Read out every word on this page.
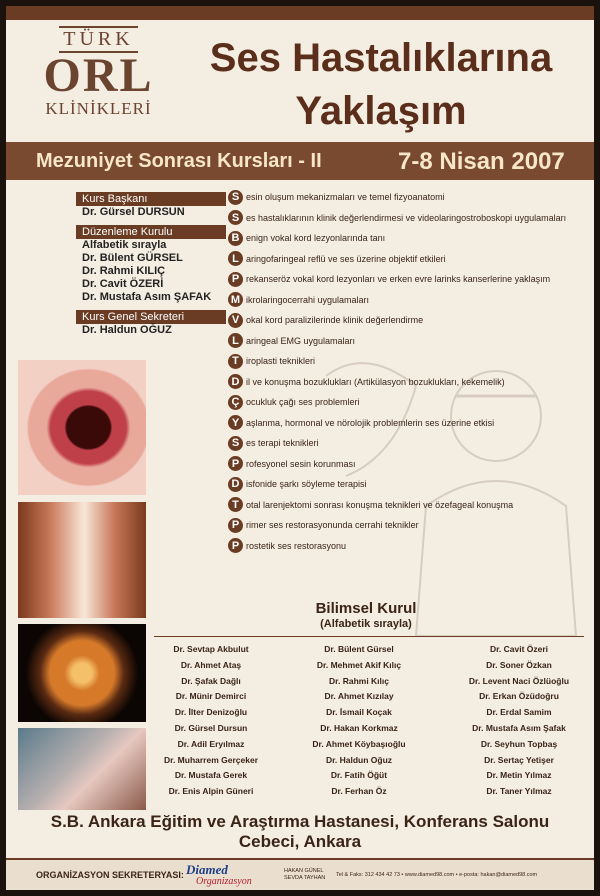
TÜRK
ORL
KLİNİKLERİ
Ses Hastalıklarına
Yaklaşım
Mezuniyet Sonrası Kursları - II	7-8 Nisan 2007
Kurs Başkanı
Dr. Gürsel DURSUN
Düzenleme Kurulu
Alfabetik sırayla
Dr. Bülent GÜRSEL
Dr. Rahmi KILIÇ
Dr. Cavit ÖZERİ
Dr. Mustafa Asım ŞAFAK
Kurs Genel Sekreteri
Dr. Haldun OĞUZ
S esin oluşum mekanizmaları ve temel fizyoanatomi
S es hastalıklarının klinik değerlendirmesi ve videolaringostroboskopi uygulamaları
B enign vokal kord lezyonlarında tanı
L aringofaringeal reflü ve ses üzerine objektif etkileri
P rekanseröz vokal kord lezyonları ve erken evre larinks kanserlerine yaklaşım
M ikrolaringocerrahi uygulamaları
V okal kord paralizilerinde klinik değerlendirme
L aringeal EMG uygulamaları
T iroplasti teknikleri
D il ve konuşma bozuklukları (Artikülasyon bozuklukları, kekemelik)
Ç ocukluk çağı ses problemleri
Y aşlanma, hormonal ve nörolojik problemlerin ses üzerine etkisi
S es terapi teknikleri
P rofesyonel sesin korunması
D isfonide şarkı söyleme terapisi
T otal larenjektomi sonrası konuşma teknikleri ve özefageal konuşma
P rimer ses restorasyonunda cerrahi teknikler
P rostetik ses restorasyonu
Bilimsel Kurul
(Alfabetik sırayla)
Dr. Sevtap Akbulut
Dr. Ahmet Ataş
Dr. Şafak Dağlı
Dr. Münir Demirci
Dr. İlter Denizoğlu
Dr. Gürsel Dursun
Dr. Adil Eryılmaz
Dr. Muharrem Gerçeker
Dr. Mustafa Gerek
Dr. Enis Alpin Güneri
Dr. Bülent Gürsel
Dr. Mehmet Akif Kılıç
Dr. Rahmi Kılıç
Dr. Ahmet Kızılay
Dr. İsmail Koçak
Dr. Hakan Korkmaz
Dr. Ahmet Köybaşıoğlu
Dr. Haldun Oğuz
Dr. Fatih Öğüt
Dr. Ferhan Öz
Dr. Cavit Özeri
Dr. Soner Özkan
Dr. Levent Naci Özlüoğlu
Dr. Erkan Özüdoğru
Dr. Erdal Samim
Dr. Mustafa Asım Şafak
Dr. Seyhun Topbaş
Dr. Sertaç Yetişer
Dr. Metin Yılmaz
Dr. Taner Yılmaz
S.B. Ankara Eğitim ve Araştırma Hastanesi, Konferans Salonu
Cebeci, Ankara
ORGANİZASYON SEKRETERYASI: Diamed
Organizasyon
HAKAN GÜNEL
SEVDA TAYHAN Tel & Faks: 312 434 42 73 • www.diamed98.com • e-posta: hakan@diamed98.com
